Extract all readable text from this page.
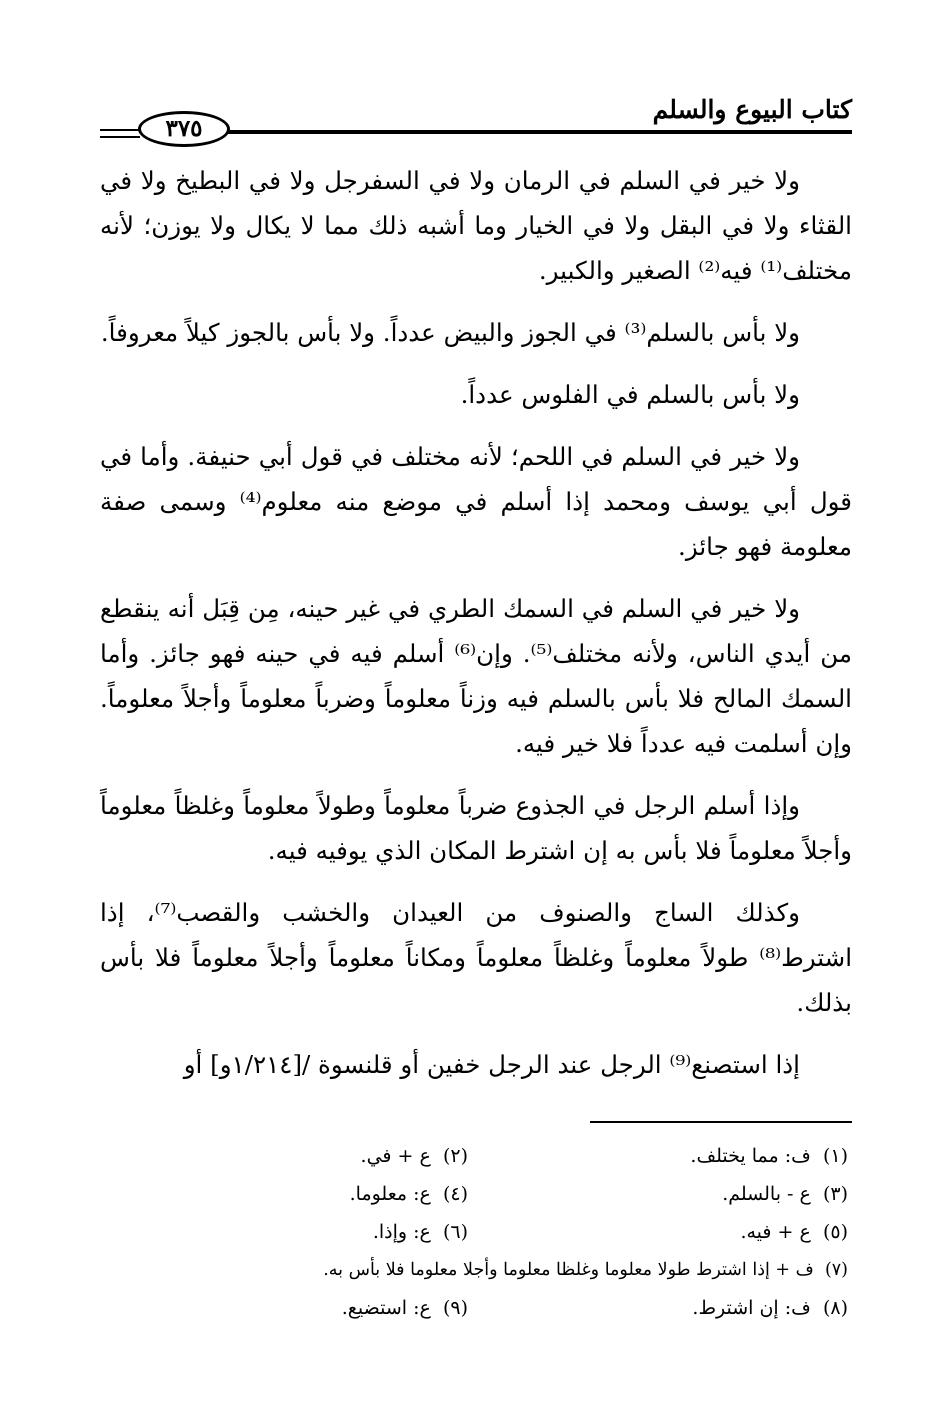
كتاب البيوع والسلم
٣٧٥

ولا خير في السلم في الرمان ولا في السفرجل ولا في البطيخ ولا في القثاء ولا في البقل ولا في الخيار وما أشبه ذلك مما لا يكال ولا يوزن؛ لأنه مختلف⁽¹⁾ فيه⁽²⁾ الصغير والكبير.

ولا بأس بالسلم⁽³⁾ في الجوز والبيض عدداً. ولا بأس بالجوز كيلاً معروفاً.

ولا بأس بالسلم في الفلوس عدداً.

ولا خير في السلم في اللحم؛ لأنه مختلف في قول أبي حنيفة. وأما في قول أبي يوسف ومحمد إذا أسلم في موضع منه معلوم⁽⁴⁾ وسمى صفة معلومة فهو جائز.

ولا خير في السلم في السمك الطري في غير حينه، مِن قِبَل أنه ينقطع من أيدي الناس، ولأنه مختلف⁽⁵⁾. وإن⁽⁶⁾ أسلم فيه في حينه فهو جائز. وأما السمك المالح فلا بأس بالسلم فيه وزناً معلوماً وضرباً معلوماً وأجلاً معلوماً. وإن أسلمت فيه عدداً فلا خير فيه.

وإذا أسلم الرجل في الجذوع ضرباً معلوماً وطولاً معلوماً وغلظاً معلوماً وأجلاً معلوماً فلا بأس به إن اشترط المكان الذي يوفيه فيه.

وكذلك الساج والصنوف من العيدان والخشب والقصب⁽⁷⁾، إذا اشترط⁽⁸⁾ طولاً معلوماً وغلظاً معلوماً ومكاناً معلوماً وأجلاً معلوماً فلا بأس بذلك.

إذا استصنع⁽⁹⁾ الرجل عند الرجل خفين أو قلنسوة /[١/٢١٤و] أو

(١)  ف: مما يختلف.
(٢)  ع + في.
(٣)  ع - بالسلم.
(٤)  ع: معلوما.
(٥)  ع + فيه.
(٦)  ع: وإذا.
(٧)  ف + إذا اشترط طولا معلوما وغلظا معلوما وأجلا معلوما فلا بأس به.
(٨)  ف: إن اشترط.
(٩)  ع: استضيع.
